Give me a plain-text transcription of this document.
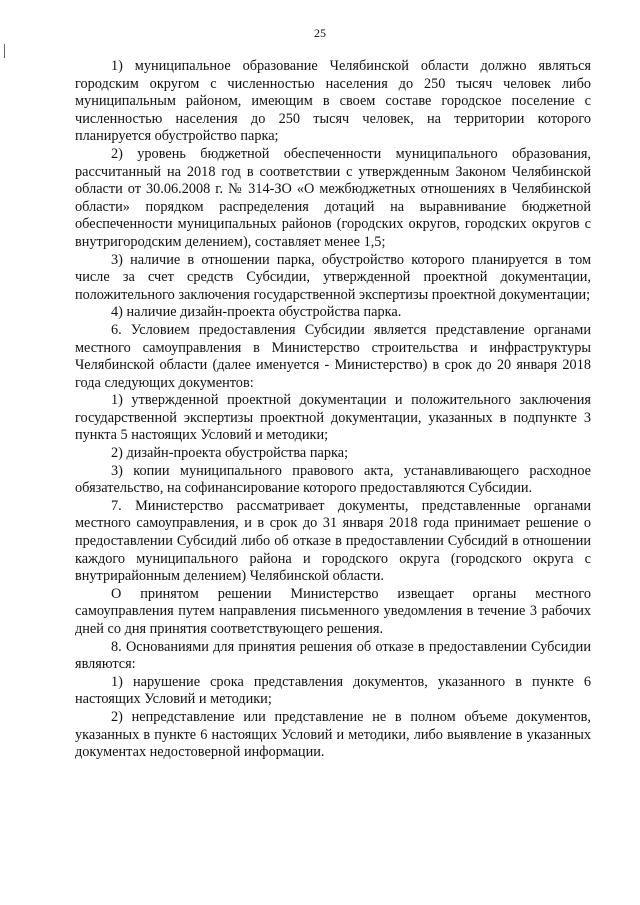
25

1) муниципальное образование Челябинской области должно являться городским округом с численностью населения до 250 тысяч человек либо муниципальным районом, имеющим в своем составе городское поселение с численностью населения до 250 тысяч человек, на территории которого планируется обустройство парка;

2) уровень бюджетной обеспеченности муниципального образования, рассчитанный на 2018 год в соответствии с утвержденным Законом Челябинской области от 30.06.2008 г. № 314-ЗО «О межбюджетных отношениях в Челябинской области» порядком распределения дотаций на выравнивание бюджетной обеспеченности муниципальных районов (городских округов, городских округов с внутригородским делением), составляет менее 1,5;

3) наличие в отношении парка, обустройство которого планируется в том числе за счет средств Субсидии, утвержденной проектной документации, положительного заключения государственной экспертизы проектной документации;

4) наличие дизайн-проекта обустройства парка.

6. Условием предоставления Субсидии является представление органами местного самоуправления в Министерство строительства и инфраструктуры Челябинской области (далее именуется - Министерство) в срок до 20 января 2018 года следующих документов:

1) утвержденной проектной документации и положительного заключения государственной экспертизы проектной документации, указанных в подпункте 3 пункта 5 настоящих Условий и методики;

2) дизайн-проекта обустройства парка;

3) копии муниципального правового акта, устанавливающего расходное обязательство, на софинансирование которого предоставляются Субсидии.

7. Министерство рассматривает документы, представленные органами местного самоуправления, и в срок до 31 января 2018 года принимает решение о предоставлении Субсидий либо об отказе в предоставлении Субсидий в отношении каждого муниципального района и городского округа (городского округа с внутрирайонным делением) Челябинской области.

О принятом решении Министерство извещает органы местного самоуправления путем направления письменного уведомления в течение 3 рабочих дней со дня принятия соответствующего решения.

8. Основаниями для принятия решения об отказе в предоставлении Субсидии являются:

1) нарушение срока представления документов, указанного в пункте 6 настоящих Условий и методики;

2) непредставление или представление не в полном объеме документов, указанных в пункте 6 настоящих Условий и методики, либо выявление в указанных документах недостоверной информации.
